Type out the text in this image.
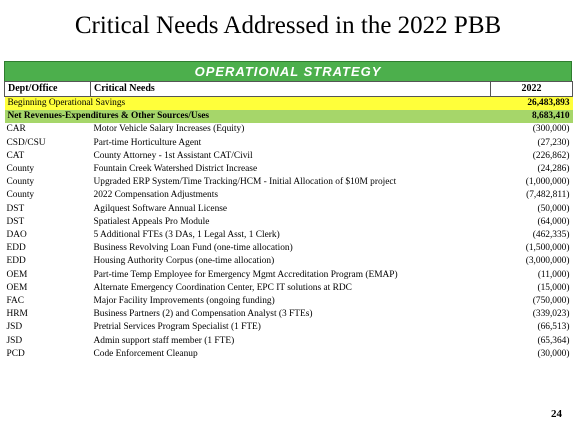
Critical Needs Addressed in the 2022 PBB
OPERATIONAL STRATEGY
Dept/Office	Critical Needs	2022
Beginning Operational Savings		26,483,893
Net Revenues-Expenditures & Other Sources/Uses		8,683,410
CAR	Motor Vehicle Salary Increases (Equity)	(300,000)
CSD/CSU	Part-time Horticulture Agent	(27,230)
CAT	County Attorney - 1st Assistant CAT/Civil	(226,862)
County	Fountain Creek Watershed District Increase	(24,286)
County	Upgraded ERP System/Time Tracking/HCM - Initial Allocation of $10M project	(1,000,000)
County	2022 Compensation Adjustments	(7,482,811)
DST	Agilquest Software Annual License	(50,000)
DST	Spatialest Appeals Pro Module	(64,000)
DAO	5 Additional FTEs (3 DAs, 1 Legal Asst, 1 Clerk)	(462,335)
EDD	Business Revolving Loan Fund (one-time allocation)	(1,500,000)
EDD	Housing Authority Corpus (one-time allocation)	(3,000,000)
OEM	Part-time Temp Employee for Emergency Mgmt Accreditation Program (EMAP)	(11,000)
OEM	Alternate Emergency Coordination Center, EPC IT solutions at RDC	(15,000)
FAC	Major Facility Improvements (ongoing funding)	(750,000)
HRM	Business Partners (2) and Compensation Analyst (3 FTEs)	(339,023)
JSD	Pretrial Services Program Specialist (1 FTE)	(66,513)
JSD	Admin support staff member (1 FTE)	(65,364)
PCD	Code Enforcement Cleanup	(30,000)
24
